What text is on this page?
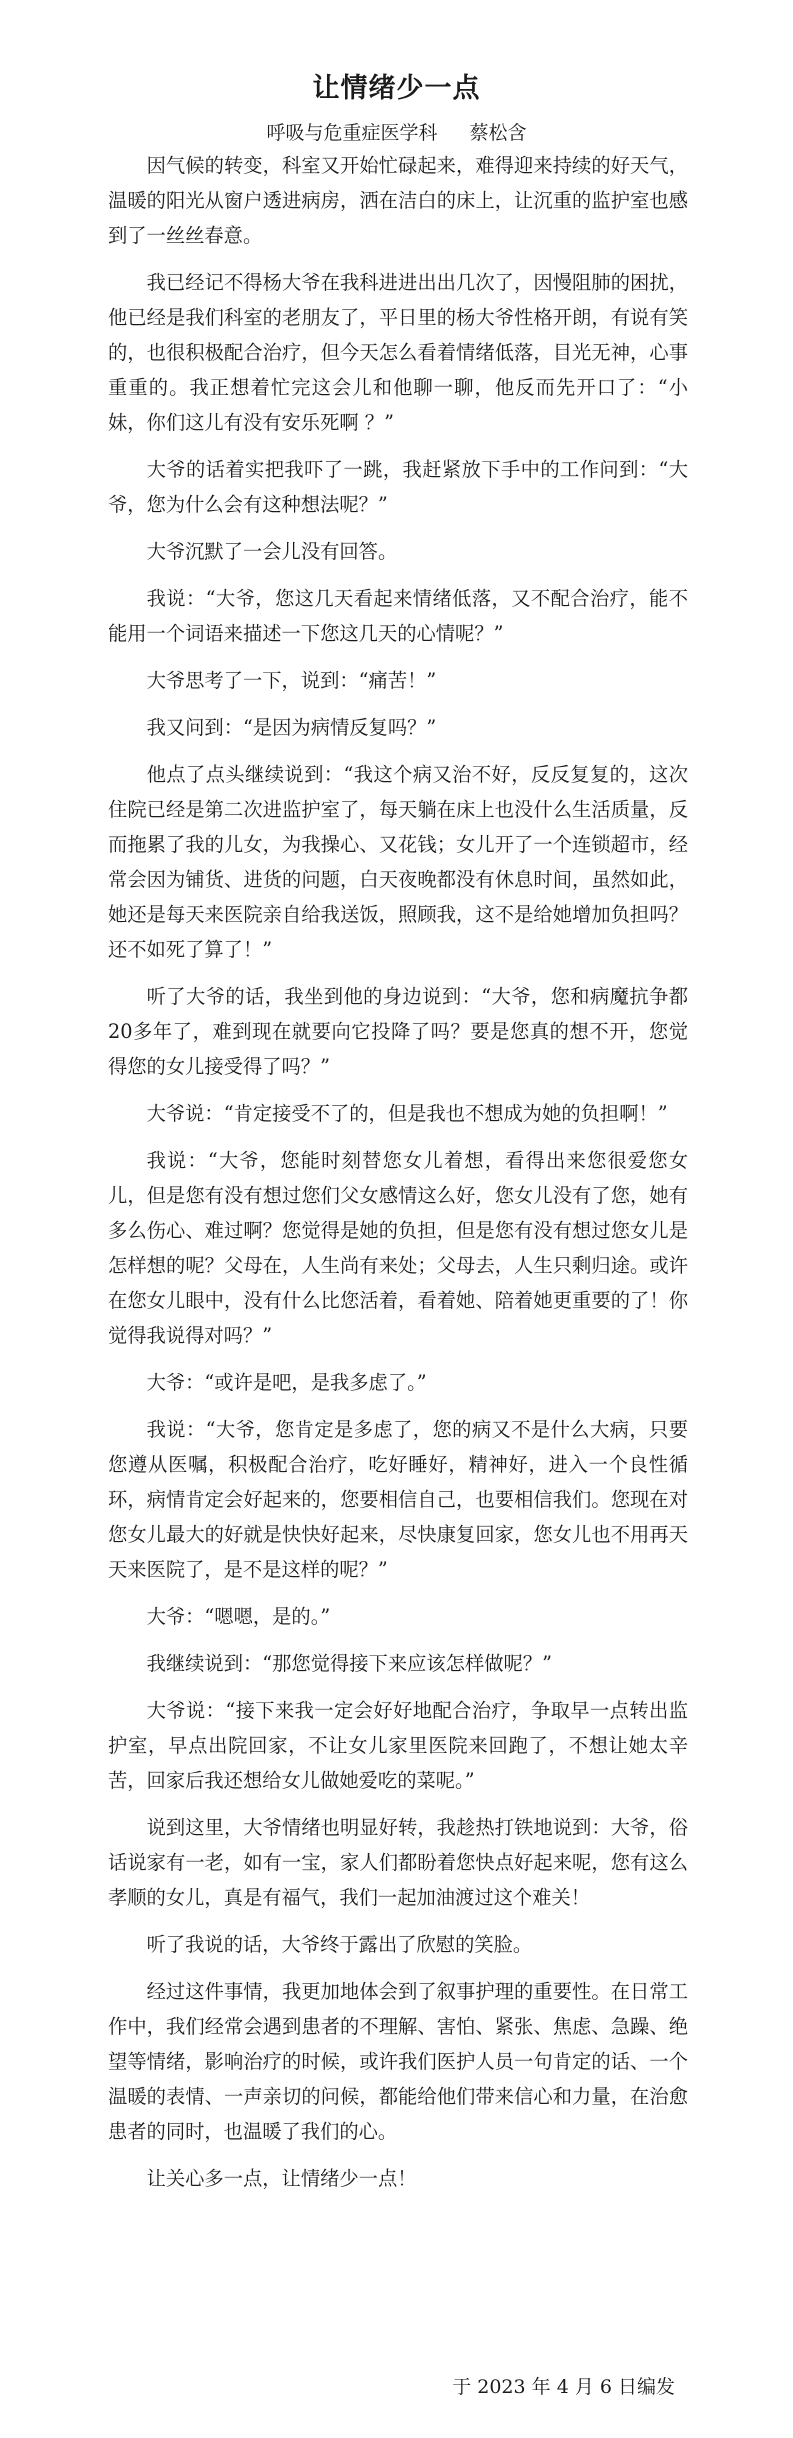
让情绪少一点

呼吸与危重症医学科 蔡松含

因气候的转变，科室又开始忙碌起来，难得迎来持续的好天气，温暖的阳光从窗户透进病房，洒在洁白的床上，让沉重的监护室也感到了一丝丝春意。

我已经记不得杨大爷在我科进进出出几次了，因慢阻肺的困扰，他已经是我们科室的老朋友了，平日里的杨大爷性格开朗，有说有笑的，也很积极配合治疗，但今天怎么看着情绪低落，目光无神，心事重重的。我正想着忙完这会儿和他聊一聊，他反而先开口了：“小妹，你们这儿有没有安乐死啊 ？”

大爷的话着实把我吓了一跳，我赶紧放下手中的工作问到：“大爷，您为什么会有这种想法呢？”

大爷沉默了一会儿没有回答。

我说：“大爷，您这几天看起来情绪低落，又不配合治疗，能不能用一个词语来描述一下您这几天的心情呢？”

大爷思考了一下，说到：“痛苦！”

我又问到：“是因为病情反复吗？”

他点了点头继续说到：“我这个病又治不好，反反复复的，这次住院已经是第二次进监护室了，每天躺在床上也没什么生活质量，反而拖累了我的儿女，为我操心、又花钱；女儿开了一个连锁超市，经常会因为铺货、进货的问题，白天夜晚都没有休息时间，虽然如此，她还是每天来医院亲自给我送饭，照顾我，这不是给她增加负担吗？还不如死了算了！”

听了大爷的话，我坐到他的身边说到：“大爷，您和病魔抗争都20多年了，难到现在就要向它投降了吗？要是您真的想不开，您觉得您的女儿接受得了吗？”

大爷说：“肯定接受不了的，但是我也不想成为她的负担啊！”

我说：“大爷，您能时刻替您女儿着想，看得出来您很爱您女儿，但是您有没有想过您们父女感情这么好，您女儿没有了您，她有多么伤心、难过啊？您觉得是她的负担，但是您有没有想过您女儿是怎样想的呢？父母在，人生尚有来处；父母去，人生只剩归途。或许在您女儿眼中，没有什么比您活着，看着她、陪着她更重要的了！你觉得我说得对吗？”

大爷：“或许是吧，是我多虑了。”

我说：“大爷，您肯定是多虑了，您的病又不是什么大病，只要您遵从医嘱，积极配合治疗，吃好睡好，精神好，进入一个良性循环，病情肯定会好起来的，您要相信自己，也要相信我们。您现在对您女儿最大的好就是快快好起来，尽快康复回家，您女儿也不用再天天来医院了，是不是这样的呢？”

大爷：“嗯嗯，是的。”

我继续说到：“那您觉得接下来应该怎样做呢？”

大爷说：“接下来我一定会好好地配合治疗，争取早一点转出监护室，早点出院回家，不让女儿家里医院来回跑了，不想让她太辛苦，回家后我还想给女儿做她爱吃的菜呢。”

说到这里，大爷情绪也明显好转，我趁热打铁地说到：大爷，俗话说家有一老，如有一宝，家人们都盼着您快点好起来呢，您有这么孝顺的女儿，真是有福气，我们一起加油渡过这个难关！

听了我说的话，大爷终于露出了欣慰的笑脸。

经过这件事情，我更加地体会到了叙事护理的重要性。在日常工作中，我们经常会遇到患者的不理解、害怕、紧张、焦虑、急躁、绝望等情绪，影响治疗的时候，或许我们医护人员一句肯定的话、一个温暖的表情、一声亲切的问候，都能给他们带来信心和力量，在治愈患者的同时，也温暖了我们的心。

让关心多一点，让情绪少一点！

于 2023 年 4 月 6 日编发
